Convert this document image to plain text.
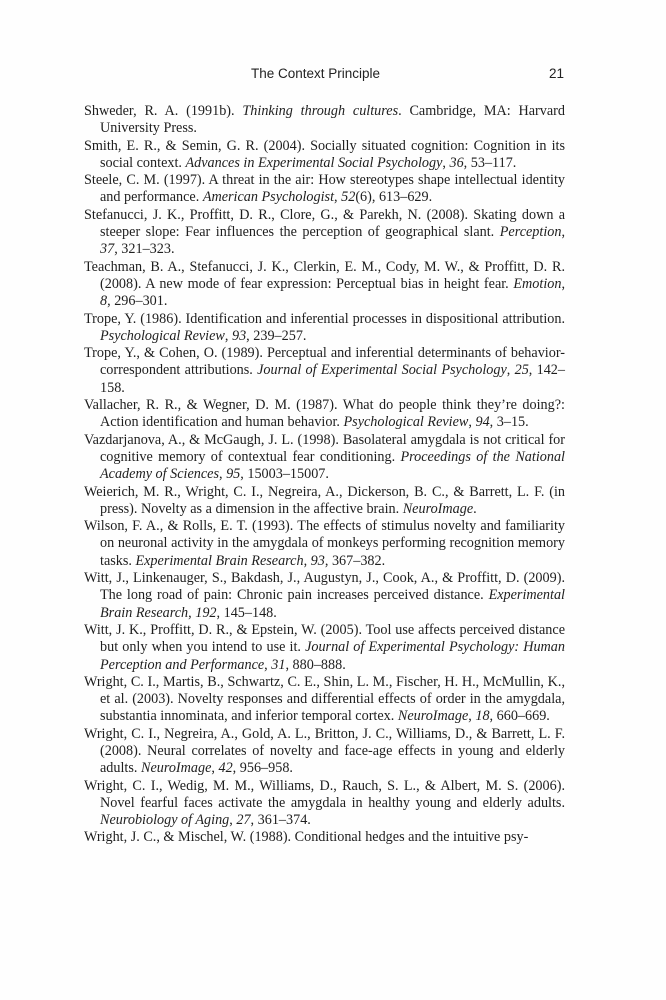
The Context Principle	21

Shweder, R. A. (1991b). Thinking through cultures. Cambridge, MA: Harvard University Press.

Smith, E. R., & Semin, G. R. (2004). Socially situated cognition: Cognition in its social context. Advances in Experimental Social Psychology, 36, 53–117.

Steele, C. M. (1997). A threat in the air: How stereotypes shape intellectual identity and performance. American Psychologist, 52(6), 613–629.

Stefanucci, J. K., Proffitt, D. R., Clore, G., & Parekh, N. (2008). Skating down a steeper slope: Fear influences the perception of geographical slant. Perception, 37, 321–323.

Teachman, B. A., Stefanucci, J. K., Clerkin, E. M., Cody, M. W., & Proffitt, D. R. (2008). A new mode of fear expression: Perceptual bias in height fear. Emotion, 8, 296–301.

Trope, Y. (1986). Identification and inferential processes in dispositional attribution. Psychological Review, 93, 239–257.

Trope, Y., & Cohen, O. (1989). Perceptual and inferential determinants of behavior-correspondent attributions. Journal of Experimental Social Psychology, 25, 142–158.

Vallacher, R. R., & Wegner, D. M. (1987). What do people think they’re doing?: Action identification and human behavior. Psychological Review, 94, 3–15.

Vazdarjanova, A., & McGaugh, J. L. (1998). Basolateral amygdala is not critical for cognitive memory of contextual fear conditioning. Proceedings of the National Academy of Sciences, 95, 15003–15007.

Weierich, M. R., Wright, C. I., Negreira, A., Dickerson, B. C., & Barrett, L. F. (in press). Novelty as a dimension in the affective brain. NeuroImage.

Wilson, F. A., & Rolls, E. T. (1993). The effects of stimulus novelty and familiarity on neuronal activity in the amygdala of monkeys performing recognition memory tasks. Experimental Brain Research, 93, 367–382.

Witt, J., Linkenauger, S., Bakdash, J., Augustyn, J., Cook, A., & Proffitt, D. (2009). The long road of pain: Chronic pain increases perceived distance. Experimental Brain Research, 192, 145–148.

Witt, J. K., Proffitt, D. R., & Epstein, W. (2005). Tool use affects perceived distance but only when you intend to use it. Journal of Experimental Psychology: Human Perception and Performance, 31, 880–888.

Wright, C. I., Martis, B., Schwartz, C. E., Shin, L. M., Fischer, H. H., McMullin, K., et al. (2003). Novelty responses and differential effects of order in the amygdala, substantia innominata, and inferior temporal cortex. NeuroImage, 18, 660–669.

Wright, C. I., Negreira, A., Gold, A. L., Britton, J. C., Williams, D., & Barrett, L. F. (2008). Neural correlates of novelty and face-age effects in young and elderly adults. NeuroImage, 42, 956–958.

Wright, C. I., Wedig, M. M., Williams, D., Rauch, S. L., & Albert, M. S. (2006). Novel fearful faces activate the amygdala in healthy young and elderly adults. Neurobiology of Aging, 27, 361–374.

Wright, J. C., & Mischel, W. (1988). Conditional hedges and the intuitive psy-
